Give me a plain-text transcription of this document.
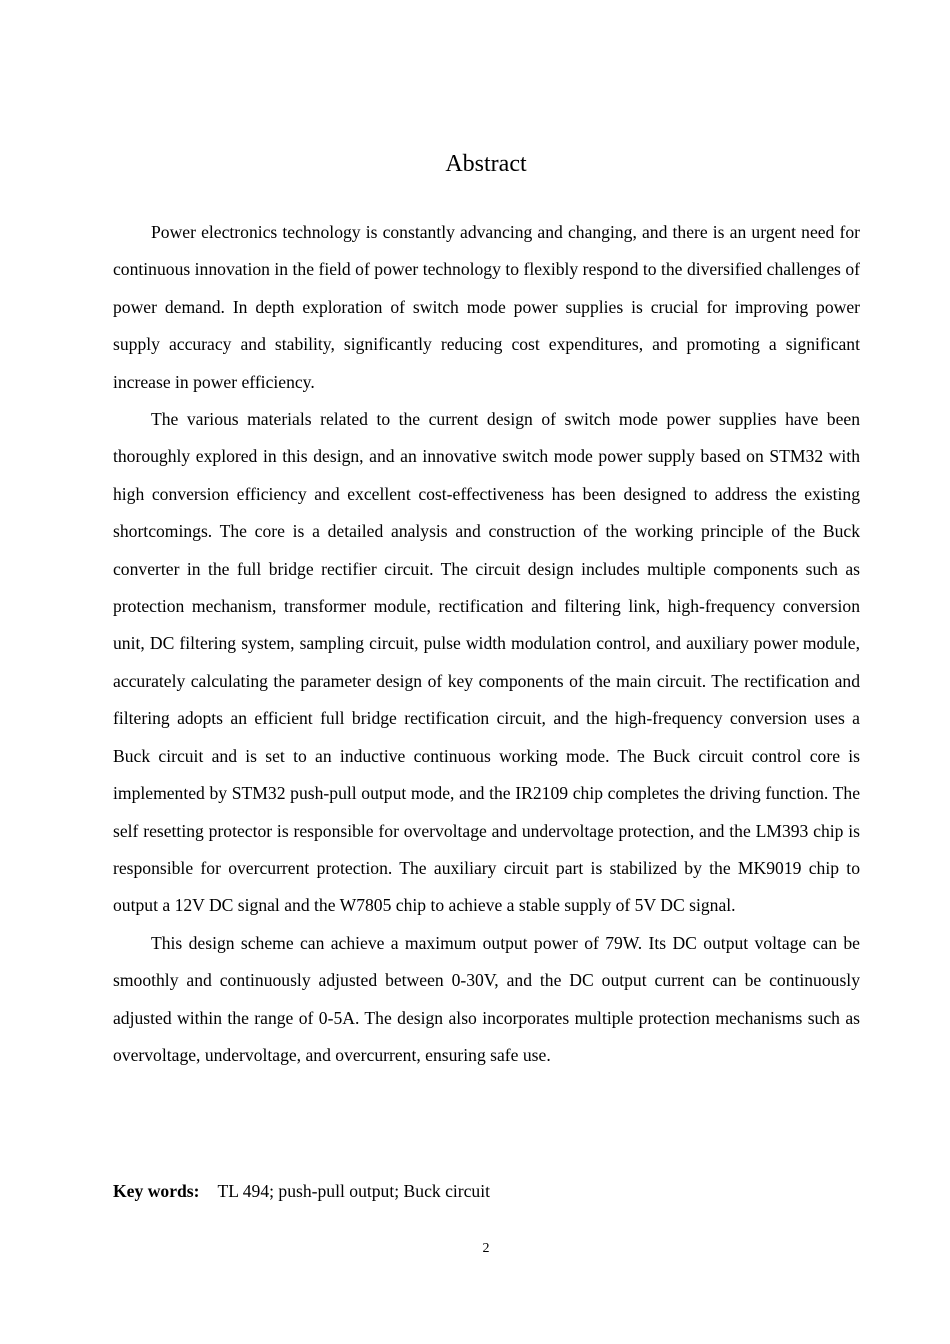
Abstract

Power electronics technology is constantly advancing and changing, and there is an urgent need for continuous innovation in the field of power technology to flexibly respond to the diversified challenges of power demand. In depth exploration of switch mode power supplies is crucial for improving power supply accuracy and stability, significantly reducing cost expenditures, and promoting a significant increase in power efficiency.

The various materials related to the current design of switch mode power supplies have been thoroughly explored in this design, and an innovative switch mode power supply based on STM32 with high conversion efficiency and excellent cost-effectiveness has been designed to address the existing shortcomings. The core is a detailed analysis and construction of the working principle of the Buck converter in the full bridge rectifier circuit. The circuit design includes multiple components such as protection mechanism, transformer module, rectification and filtering link, high-frequency conversion unit, DC filtering system, sampling circuit, pulse width modulation control, and auxiliary power module, accurately calculating the parameter design of key components of the main circuit. The rectification and filtering adopts an efficient full bridge rectification circuit, and the high-frequency conversion uses a Buck circuit and is set to an inductive continuous working mode. The Buck circuit control core is implemented by STM32 push-pull output mode, and the IR2109 chip completes the driving function. The self resetting protector is responsible for overvoltage and undervoltage protection, and the LM393 chip is responsible for overcurrent protection. The auxiliary circuit part is stabilized by the MK9019 chip to output a 12V DC signal and the W7805 chip to achieve a stable supply of 5V DC signal.

This design scheme can achieve a maximum output power of 79W. Its DC output voltage can be smoothly and continuously adjusted between 0-30V, and the DC output current can be continuously adjusted within the range of 0-5A. The design also incorporates multiple protection mechanisms such as overvoltage, undervoltage, and overcurrent, ensuring safe use.

Key words: TL 494; push-pull output; Buck circuit

2
